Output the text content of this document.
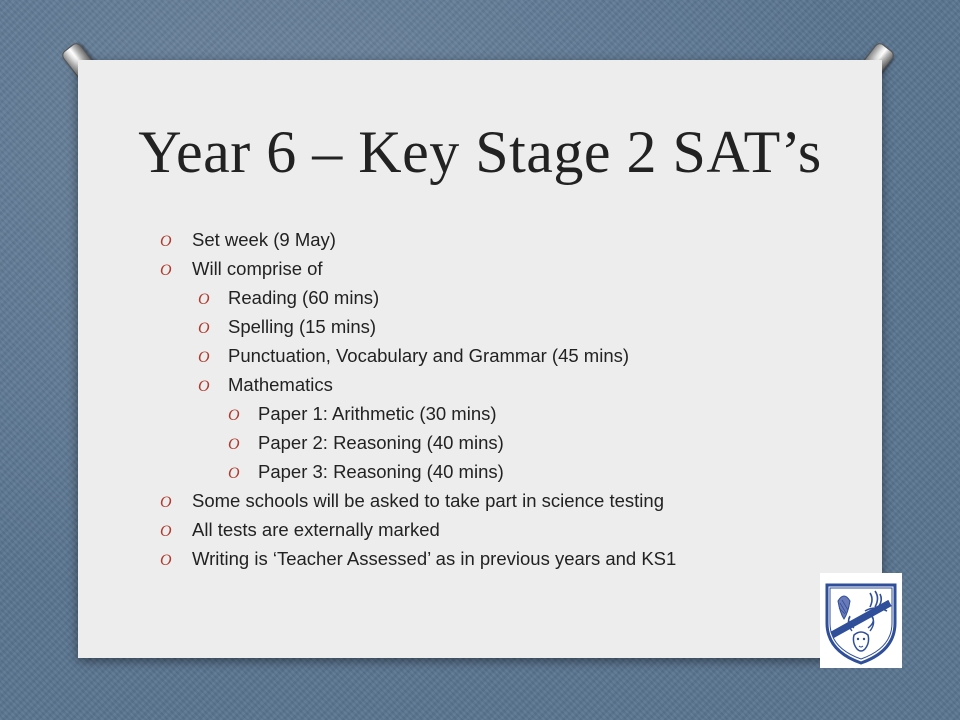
Year 6 – Key Stage 2 SAT’s
O Set week (9 May)
O Will comprise of
O Reading (60 mins)
O Spelling (15 mins)
O Punctuation, Vocabulary and Grammar (45 mins)
O Mathematics
O Paper 1: Arithmetic (30 mins)
O Paper 2: Reasoning (40 mins)
O Paper 3: Reasoning (40 mins)
O Some schools will be asked to take part in science testing
O All tests are externally marked
O Writing is ‘Teacher Assessed’ as in previous years and KS1
